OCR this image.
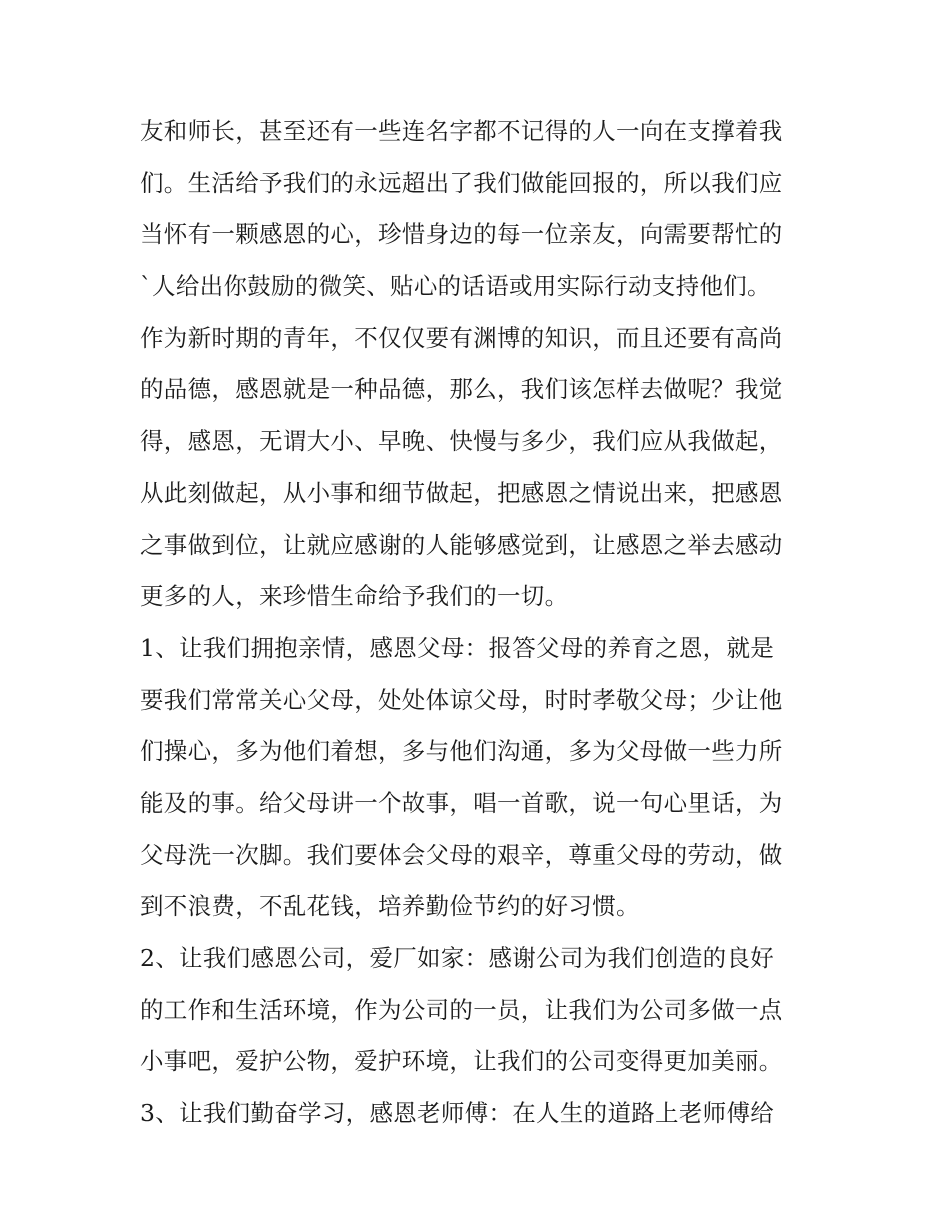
友和师长，甚至还有一些连名字都不记得的人一向在支撑着我
们。生活给予我们的永远超出了我们做能回报的，所以我们应
当怀有一颗感恩的心，珍惜身边的每一位亲友，向需要帮忙的
`人给出你鼓励的微笑、贴心的话语或用实际行动支持他们。
作为新时期的青年，不仅仅要有渊博的知识，而且还要有高尚
的品德，感恩就是一种品德，那么，我们该怎样去做呢？我觉
得，感恩，无谓大小、早晚、快慢与多少，我们应从我做起，
从此刻做起，从小事和细节做起，把感恩之情说出来，把感恩
之事做到位，让就应感谢的人能够感觉到，让感恩之举去感动
更多的人，来珍惜生命给予我们的一切。
1、让我们拥抱亲情，感恩父母：报答父母的养育之恩，就是
要我们常常关心父母，处处体谅父母，时时孝敬父母；少让他
们操心，多为他们着想，多与他们沟通，多为父母做一些力所
能及的事。给父母讲一个故事，唱一首歌，说一句心里话，为
父母洗一次脚。我们要体会父母的艰辛，尊重父母的劳动，做
到不浪费，不乱花钱，培养勤俭节约的好习惯。
2、让我们感恩公司，爱厂如家：感谢公司为我们创造的良好
的工作和生活环境，作为公司的一员，让我们为公司多做一点
小事吧，爱护公物，爱护环境，让我们的公司变得更加美丽。
3、让我们勤奋学习，感恩老师傅：在人生的道路上老师傅给
